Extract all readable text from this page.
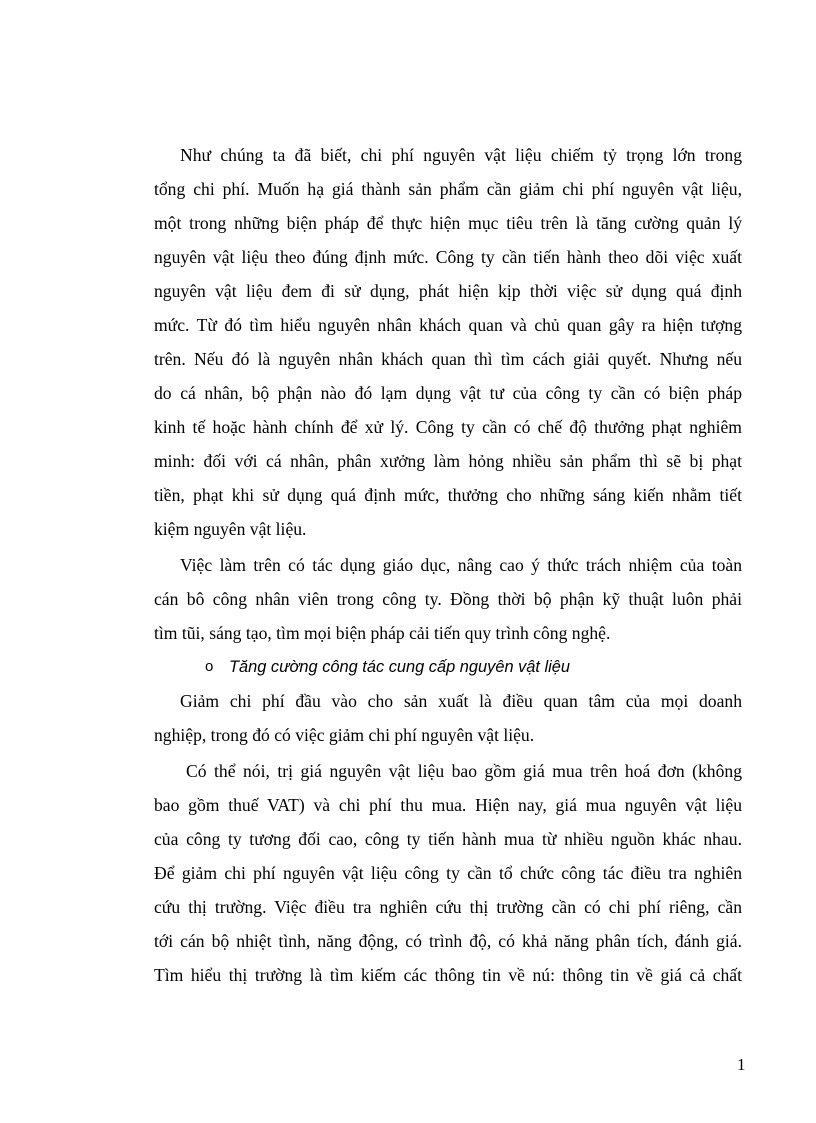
Như chúng ta đã biết, chi phí nguyên vật liệu chiếm tỷ trọng lớn trong
tổng chi phí. Muốn hạ giá thành sản phẩm cần giảm chi phí nguyên vật liệu,
một trong những biện pháp để thực hiện mục tiêu trên là tăng cường quản lý
nguyên vật liệu theo đúng định mức. Công ty cần tiến hành theo dõi việc xuất
nguyên vật liệu đem đi sử dụng, phát hiện kịp thời việc sử dụng quá định
mức. Từ đó tìm hiểu nguyên nhân khách quan và chủ quan gây ra hiện tượng
trên. Nếu đó là nguyên nhân khách quan thì tìm cách giải quyết. Nhưng nếu
do cá nhân, bộ phận nào đó lạm dụng vật tư của công ty cần có biện pháp
kinh tế hoặc hành chính để xử lý. Công ty cần có chế độ thưởng phạt nghiêm
minh: đối với cá nhân, phân xưởng làm hỏng nhiều sản phẩm thì sẽ bị phạt
tiền, phạt khi sử dụng quá định mức, thưởng cho những sáng kiến nhằm tiết
kiệm nguyên vật liệu.
Việc làm trên có tác dụng giáo dục, nâng cao ý thức trách nhiệm của toàn
cán bô công nhân viên trong công ty. Đồng thời bộ phận kỹ thuật luôn phải
tìm tũi, sáng tạo, tìm mọi biện pháp cải tiến quy trình công nghệ.
o Tăng cường công tác cung cấp nguyên vật liệu
Giảm chi phí đầu vào cho sản xuất là điều quan tâm của mọi doanh
nghiệp, trong đó có việc giảm chi phí nguyên vật liệu.
Có thể nói, trị giá nguyên vật liệu bao gồm giá mua trên hoá đơn (không
bao gồm thuế VAT) và chi phí thu mua. Hiện nay, giá mua nguyên vật liệu
của công ty tương đối cao, công ty tiến hành mua từ nhiều nguồn khác nhau.
Để giảm chi phí nguyên vật liệu công ty cần tổ chức công tác điều tra nghiên
cứu thị trường. Việc điều tra nghiên cứu thị trường cần có chi phí riêng, cần
tới cán bộ nhiệt tình, năng động, có trình độ, có khả năng phân tích, đánh giá.
Tìm hiểu thị trường là tìm kiếm các thông tin về nú: thông tin về giá cả chất
1
